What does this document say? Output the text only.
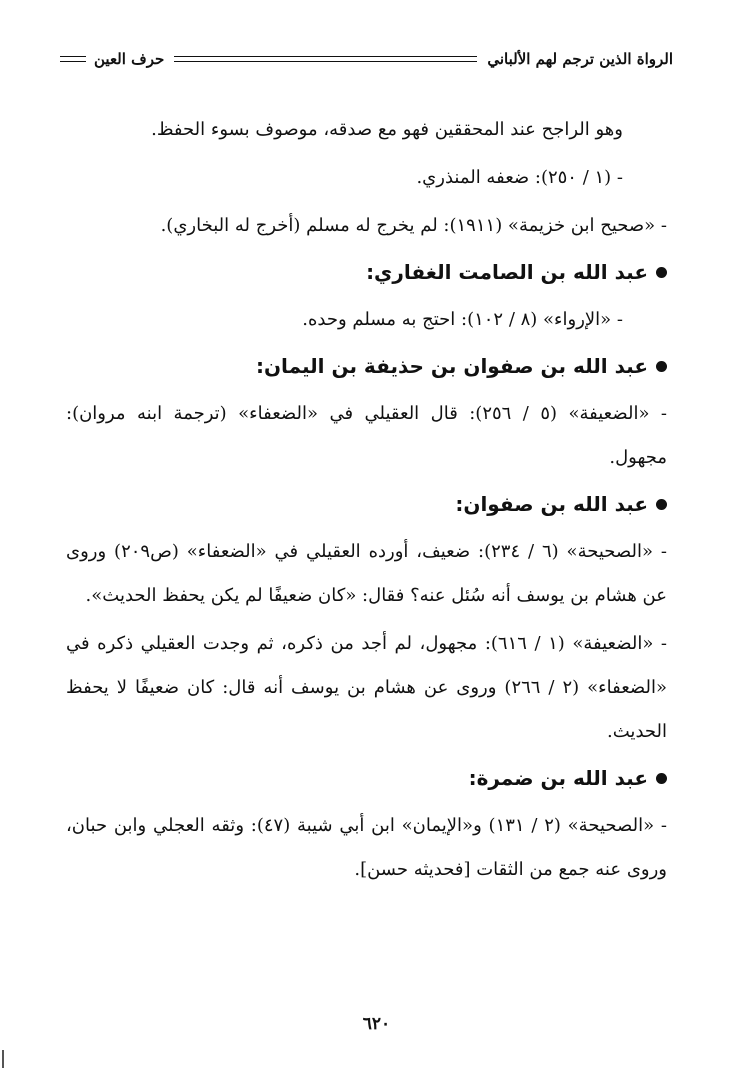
الرواة الذين ترجم لهم الألباني
حرف العين

وهو الراجح عند المحققين فهو مع صدقه، موصوف بسوء الحفظ.

- (١ / ٢٥٠): ضعفه المنذري.

- «صحيح ابن خزيمة» (١٩١١): لم يخرج له مسلم (أخرج له البخاري).

عبد الله بن الصامت الغفاري:

- «الإرواء» (٨ / ١٠٢): احتج به مسلم وحده.

عبد الله بن صفوان بن حذيفة بن اليمان:

- «الضعيفة» (٥ / ٢٥٦): قال العقيلي في «الضعفاء» (ترجمة ابنه مروان): مجهول.

عبد الله بن صفوان:

- «الصحيحة» (٦ / ٢٣٤): ضعيف، أورده العقيلي في «الضعفاء» (ص٢٠٩) وروى عن هشام بن يوسف أنه سُئل عنه؟ فقال: «كان ضعيفًا لم يكن يحفظ الحديث».

- «الضعيفة» (١ / ٦١٦): مجهول، لم أجد من ذكره، ثم وجدت العقيلي ذكره في «الضعفاء» (٢ / ٢٦٦) وروى عن هشام بن يوسف أنه قال: كان ضعيفًا لا يحفظ الحديث.

عبد الله بن ضمرة:

- «الصحيحة» (٢ / ١٣١) و«الإيمان» ابن أبي شيبة (٤٧): وثقه العجلي وابن حبان، وروى عنه جمع من الثقات [فحديثه حسن].

٦٢٠
